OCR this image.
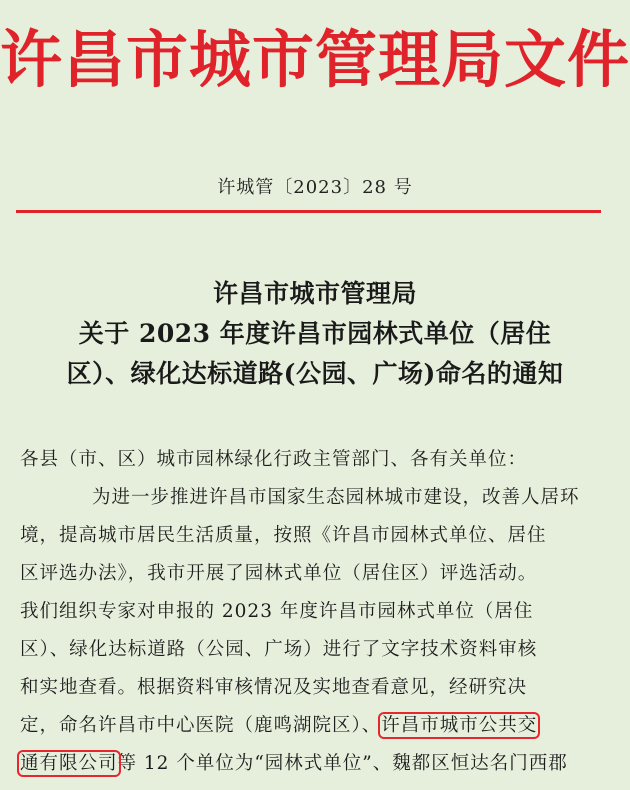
许昌市城市管理局文件
许城管〔2023〕28 号
许昌市城市管理局
关于 2023 年度许昌市园林式单位（居住
区）、绿化达标道路(公园、广场)命名的通知
各县（市、区）城市园林绿化行政主管部门、各有关单位：
为进一步推进许昌市国家生态园林城市建设，改善人居环
境，提高城市居民生活质量，按照《许昌市园林式单位、居住
区评选办法》，我市开展了园林式单位（居住区）评选活动。
我们组织专家对申报的 2023 年度许昌市园林式单位（居住
区）、绿化达标道路（公园、广场）进行了文字技术资料审核
和实地查看。根据资料审核情况及实地查看意见，经研究决
定，命名许昌市中心医院（鹿鸣湖院区）、许昌市城市公共交
通有限公司等 12 个单位为“园林式单位”、魏都区恒达名门西郡
